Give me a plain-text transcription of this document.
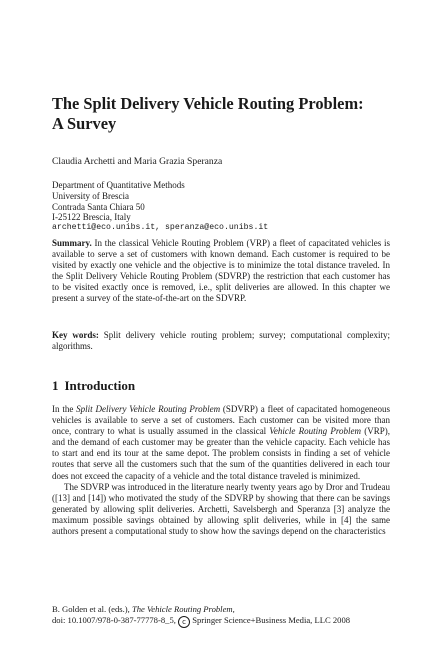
The Split Delivery Vehicle Routing Problem:
A Survey
Claudia Archetti and Maria Grazia Speranza
Department of Quantitative Methods
University of Brescia
Contrada Santa Chiara 50
I-25122 Brescia, Italy
archetti@eco.unibs.it, speranza@eco.unibs.it

Summary. In the classical Vehicle Routing Problem (VRP) a fleet of capacitated vehicles is available to serve a set of customers with known demand. Each customer is required to be visited by exactly one vehicle and the objective is to minimize the total distance traveled. In the Split Delivery Vehicle Routing Problem (SDVRP) the restriction that each customer has to be visited exactly once is removed, i.e., split deliveries are allowed. In this chapter we present a survey of the state-of-the-art on the SDVRP.

Key words: Split delivery vehicle routing problem; survey; computational complexity; algorithms.

1 Introduction

In the Split Delivery Vehicle Routing Problem (SDVRP) a fleet of capacitated homogeneous vehicles is available to serve a set of customers. Each customer can be visited more than once, contrary to what is usually assumed in the classical Vehicle Routing Problem (VRP), and the demand of each customer may be greater than the vehicle capacity. Each vehicle has to start and end its tour at the same depot. The problem consists in finding a set of vehicle routes that serve all the customers such that the sum of the quantities delivered in each tour does not exceed the capacity of a vehicle and the total distance traveled is minimized.

The SDVRP was introduced in the literature nearly twenty years ago by Dror and Trudeau ([13] and [14]) who motivated the study of the SDVRP by showing that there can be savings generated by allowing split deliveries. Archetti, Savelsbergh and Speranza [3] analyze the maximum possible savings obtained by allowing split deliveries, while in [4] the same authors present a computational study to show how the savings depend on the characteristics

B. Golden et al. (eds.), The Vehicle Routing Problem,
doi: 10.1007/978-0-387-77778-8_5, c Springer Science+Business Media, LLC 2008
